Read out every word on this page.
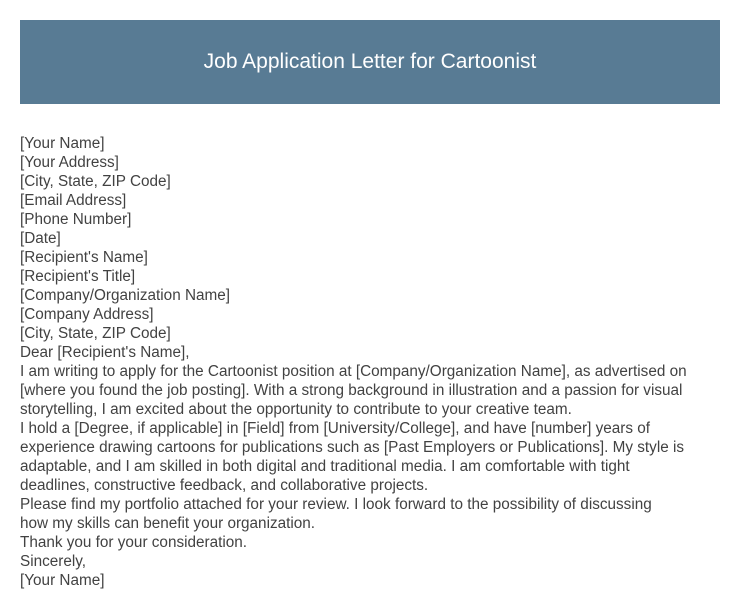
Job Application Letter for Cartoonist
[Your Name]
[Your Address]
[City, State, ZIP Code]
[Email Address]
[Phone Number]
[Date]
[Recipient's Name]
[Recipient's Title]
[Company/Organization Name]
[Company Address]
[City, State, ZIP Code]
Dear [Recipient's Name],
I am writing to apply for the Cartoonist position at [Company/Organization Name], as advertised on
[where you found the job posting]. With a strong background in illustration and a passion for visual
storytelling, I am excited about the opportunity to contribute to your creative team.
I hold a [Degree, if applicable] in [Field] from [University/College], and have [number] years of
experience drawing cartoons for publications such as [Past Employers or Publications]. My style is
adaptable, and I am skilled in both digital and traditional media. I am comfortable with tight
deadlines, constructive feedback, and collaborative projects.
Please find my portfolio attached for your review. I look forward to the possibility of discussing
how my skills can benefit your organization.
Thank you for your consideration.
Sincerely,
[Your Name]
